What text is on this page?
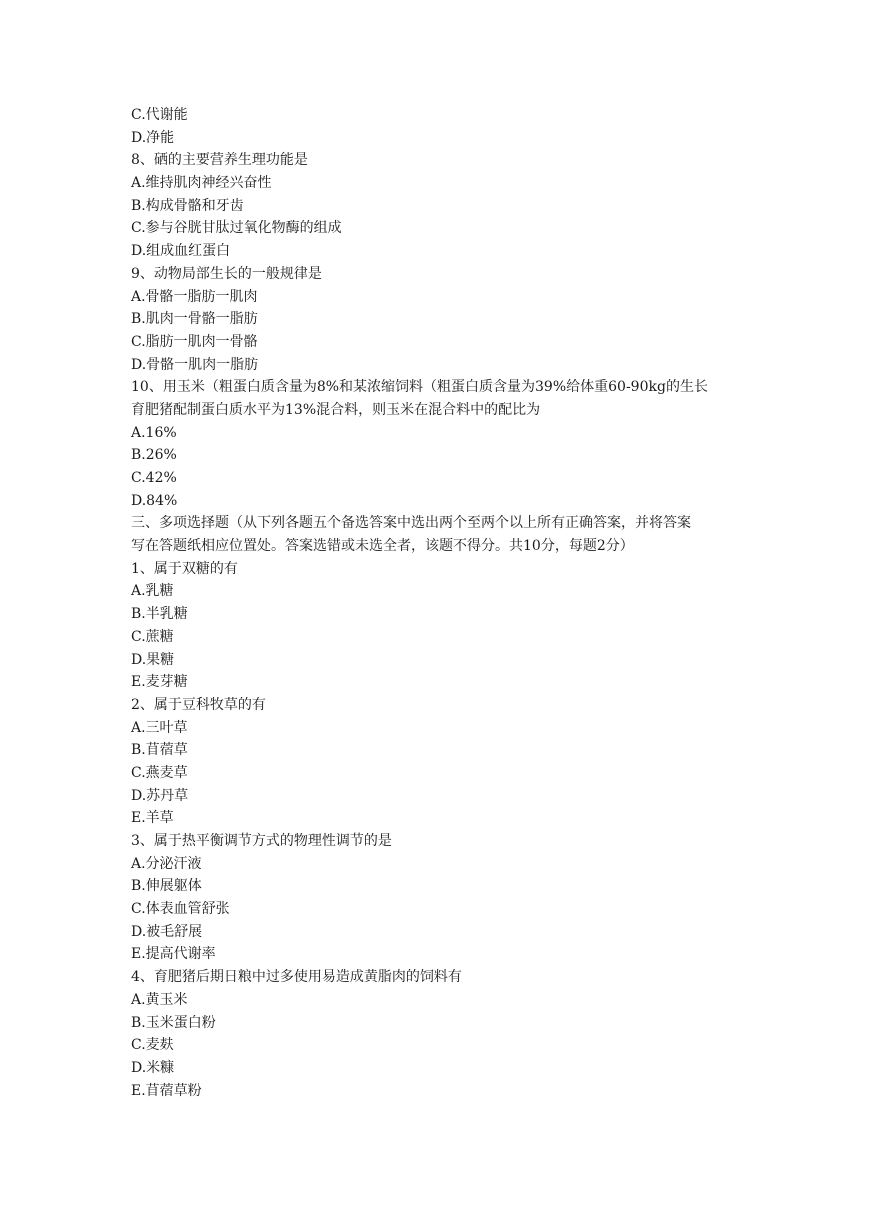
C.代谢能
D.净能
8、硒的主要营养生理功能是
A.维持肌肉神经兴奋性
B.构成骨骼和牙齿
C.参与谷胱甘肽过氧化物酶的组成
D.组成血红蛋白
9、动物局部生长的一般规律是
A.骨骼一脂肪一肌肉
B.肌肉一骨骼一脂肪
C.脂肪一肌肉一骨骼
D.骨骼一肌肉一脂肪
10、用玉米（粗蛋白质含量为8%和某浓缩饲料（粗蛋白质含量为39%给体重60-90kg的生长
育肥猪配制蛋白质水平为13%混合料，则玉米在混合料中的配比为
A.16%
B.26%
C.42%
D.84%
三、多项选择题（从下列各题五个备选答案中选出两个至两个以上所有正确答案，并将答案
写在答题纸相应位置处。答案选错或未选全者，该题不得分。共10分，每题2分）
1、属于双糖的有
A.乳糖
B.半乳糖
C.蔗糖
D.果糖
E.麦芽糖
2、属于豆科牧草的有
A.三叶草
B.苜蓿草
C.燕麦草
D.苏丹草
E.羊草
3、属于热平衡调节方式的物理性调节的是
A.分泌汗液
B.伸展躯体
C.体表血管舒张
D.被毛舒展
E.提高代谢率
4、育肥猪后期日粮中过多使用易造成黄脂肉的饲料有
A.黄玉米
B.玉米蛋白粉
C.麦麸
D.米糠
E.苜蓿草粉
